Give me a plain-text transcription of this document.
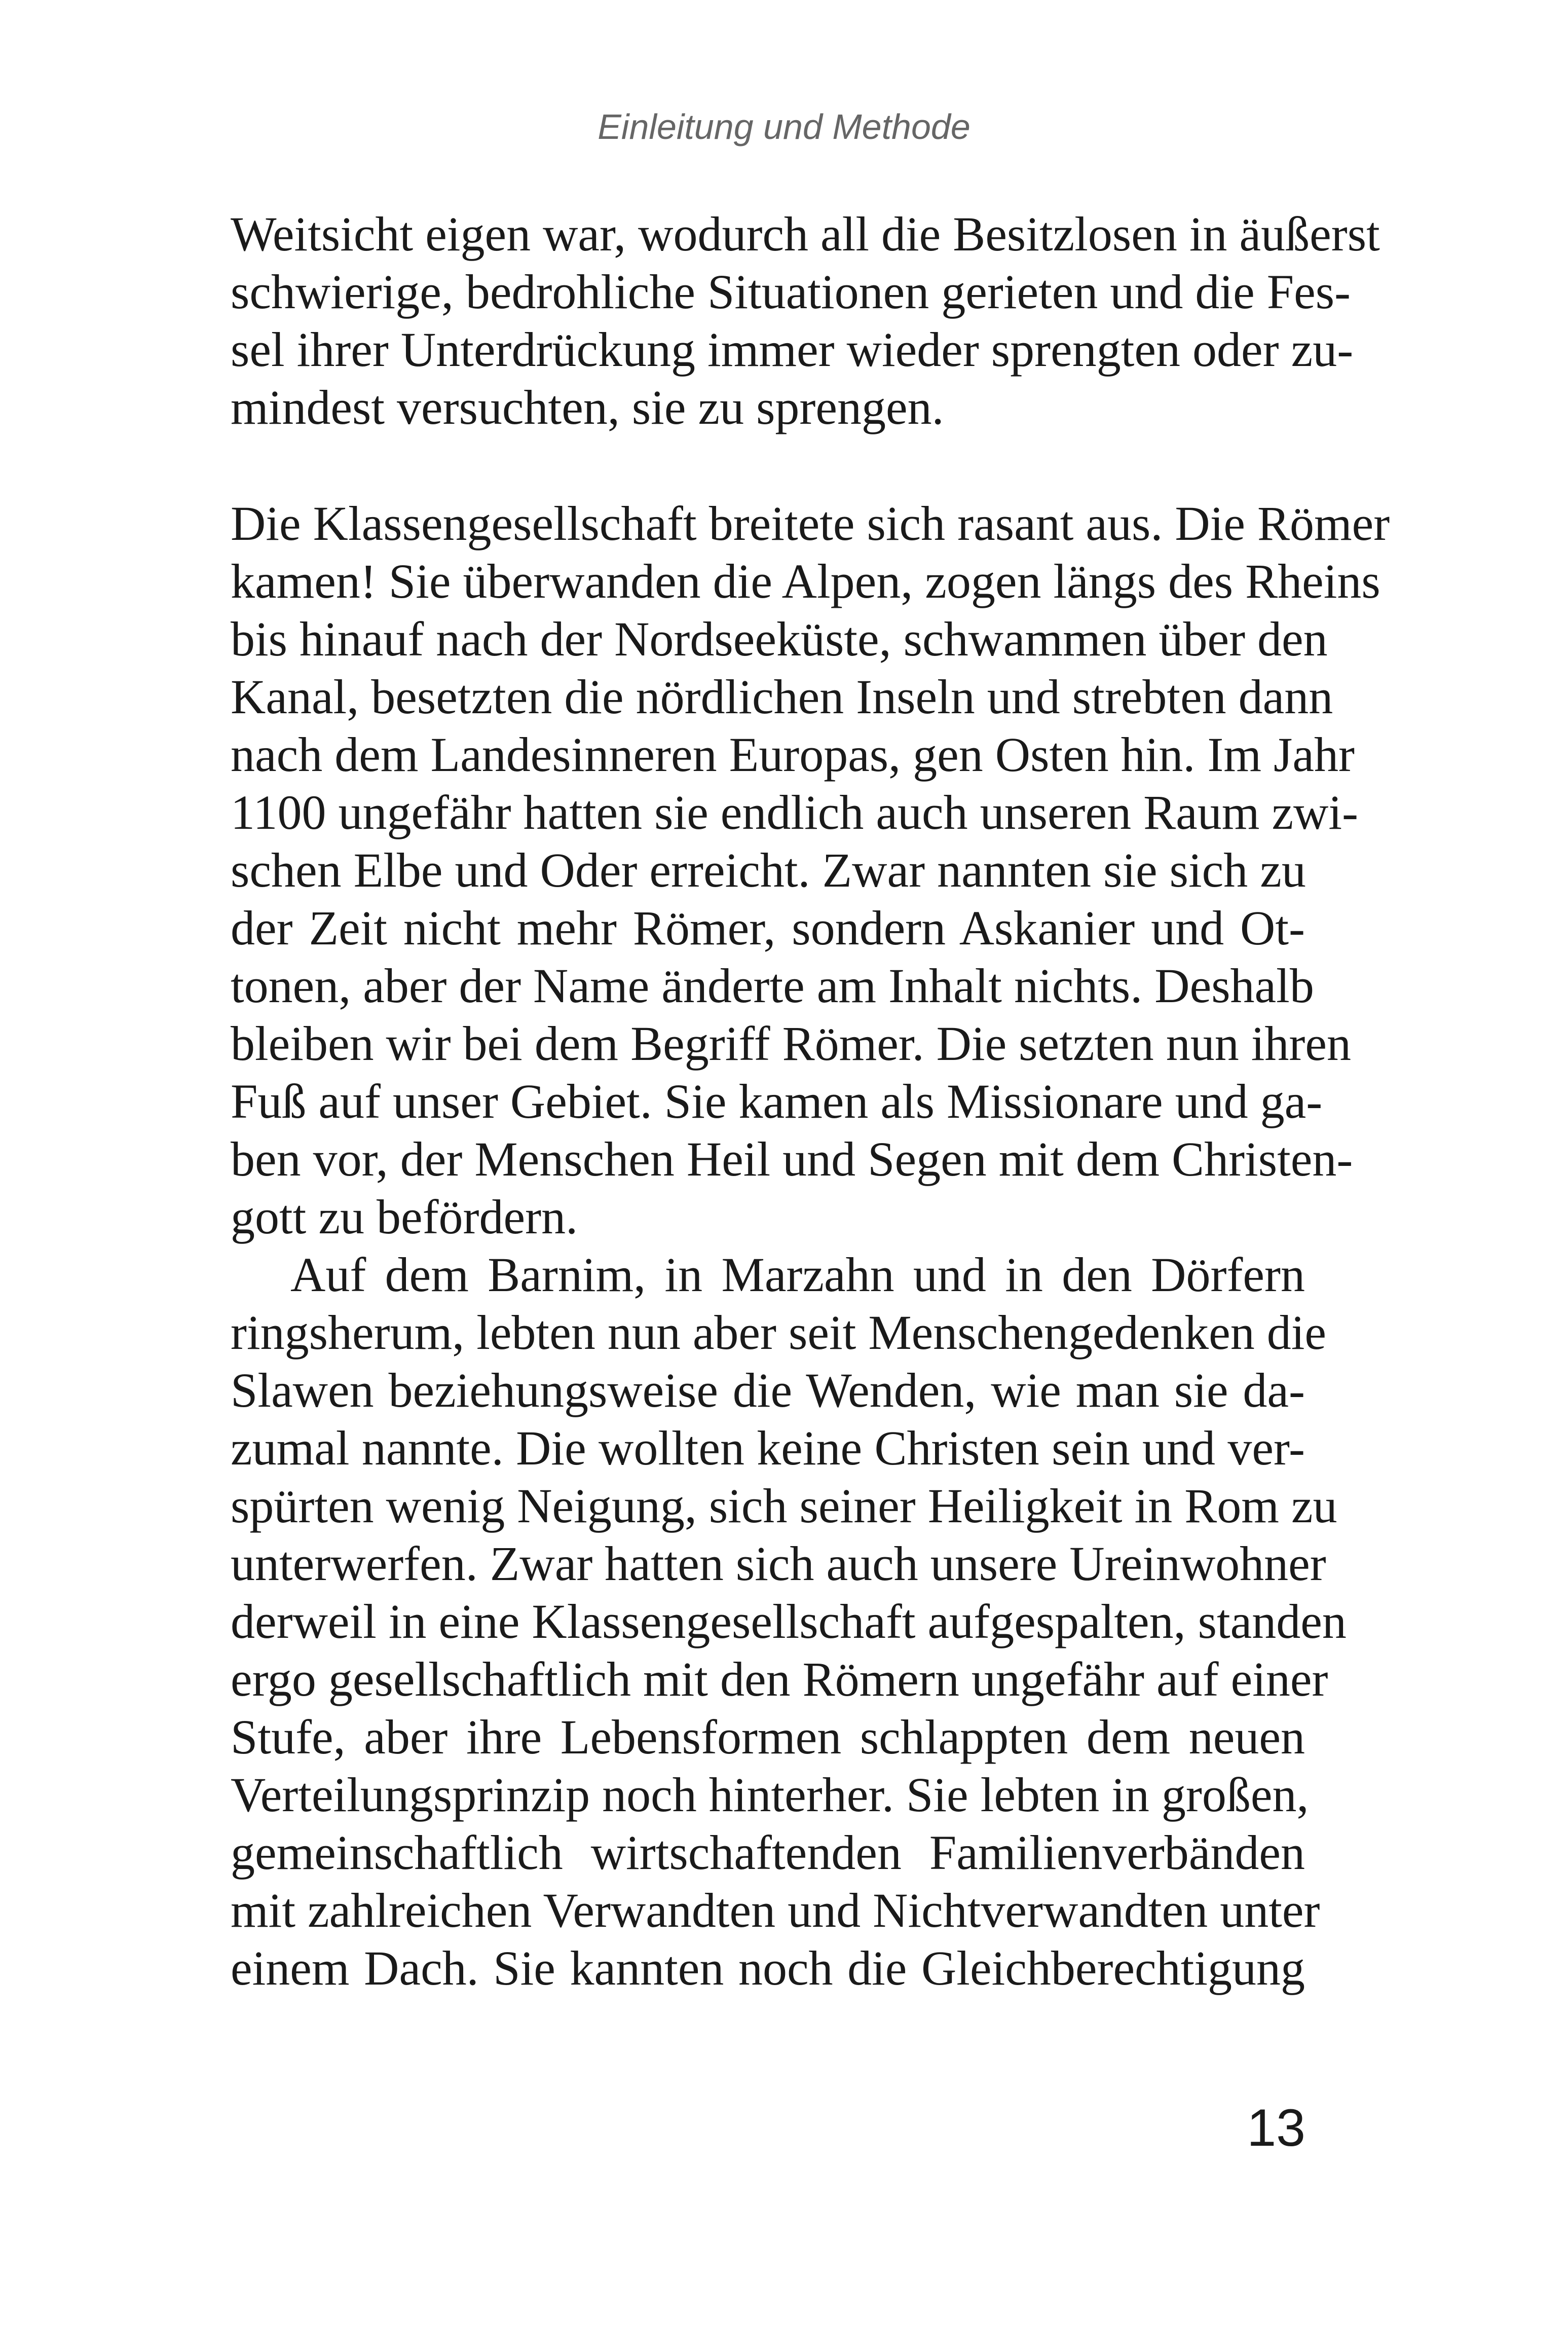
Einleitung und Methode
Weitsicht eigen war, wodurch all die Besitzlosen in äußerst
schwierige, bedrohliche Situationen gerieten und die Fes-
sel ihrer Unterdrückung immer wieder sprengten oder zu-
mindest versuchten, sie zu sprengen.
Die Klassengesellschaft breitete sich rasant aus. Die Römer
kamen! Sie überwanden die Alpen, zogen längs des Rheins
bis hinauf nach der Nordseeküste, schwammen über den
Kanal, besetzten die nördlichen Inseln und strebten dann
nach dem Landesinneren Europas, gen Osten hin. Im Jahr
1100 ungefähr hatten sie endlich auch unseren Raum zwi-
schen Elbe und Oder erreicht. Zwar nannten sie sich zu
der Zeit nicht mehr Römer, sondern Askanier und Ot-
tonen, aber der Name änderte am Inhalt nichts. Deshalb
bleiben wir bei dem Begriff Römer. Die setzten nun ihren
Fuß auf unser Gebiet. Sie kamen als Missionare und ga-
ben vor, der Menschen Heil und Segen mit dem Christen-
gott zu befördern.
Auf dem Barnim, in Marzahn und in den Dörfern
ringsherum, lebten nun aber seit Menschengedenken die
Slawen beziehungsweise die Wenden, wie man sie da-
zumal nannte. Die wollten keine Christen sein und ver-
spürten wenig Neigung, sich seiner Heiligkeit in Rom zu
unterwerfen. Zwar hatten sich auch unsere Ureinwohner
derweil in eine Klassengesellschaft aufgespalten, standen
ergo gesellschaftlich mit den Römern ungefähr auf einer
Stufe, aber ihre Lebensformen schlappten dem neuen
Verteilungsprinzip noch hinterher. Sie lebten in großen,
gemeinschaftlich wirtschaftenden Familienverbänden
mit zahlreichen Verwandten und Nichtverwandten unter
einem Dach. Sie kannten noch die Gleichberechtigung
13
